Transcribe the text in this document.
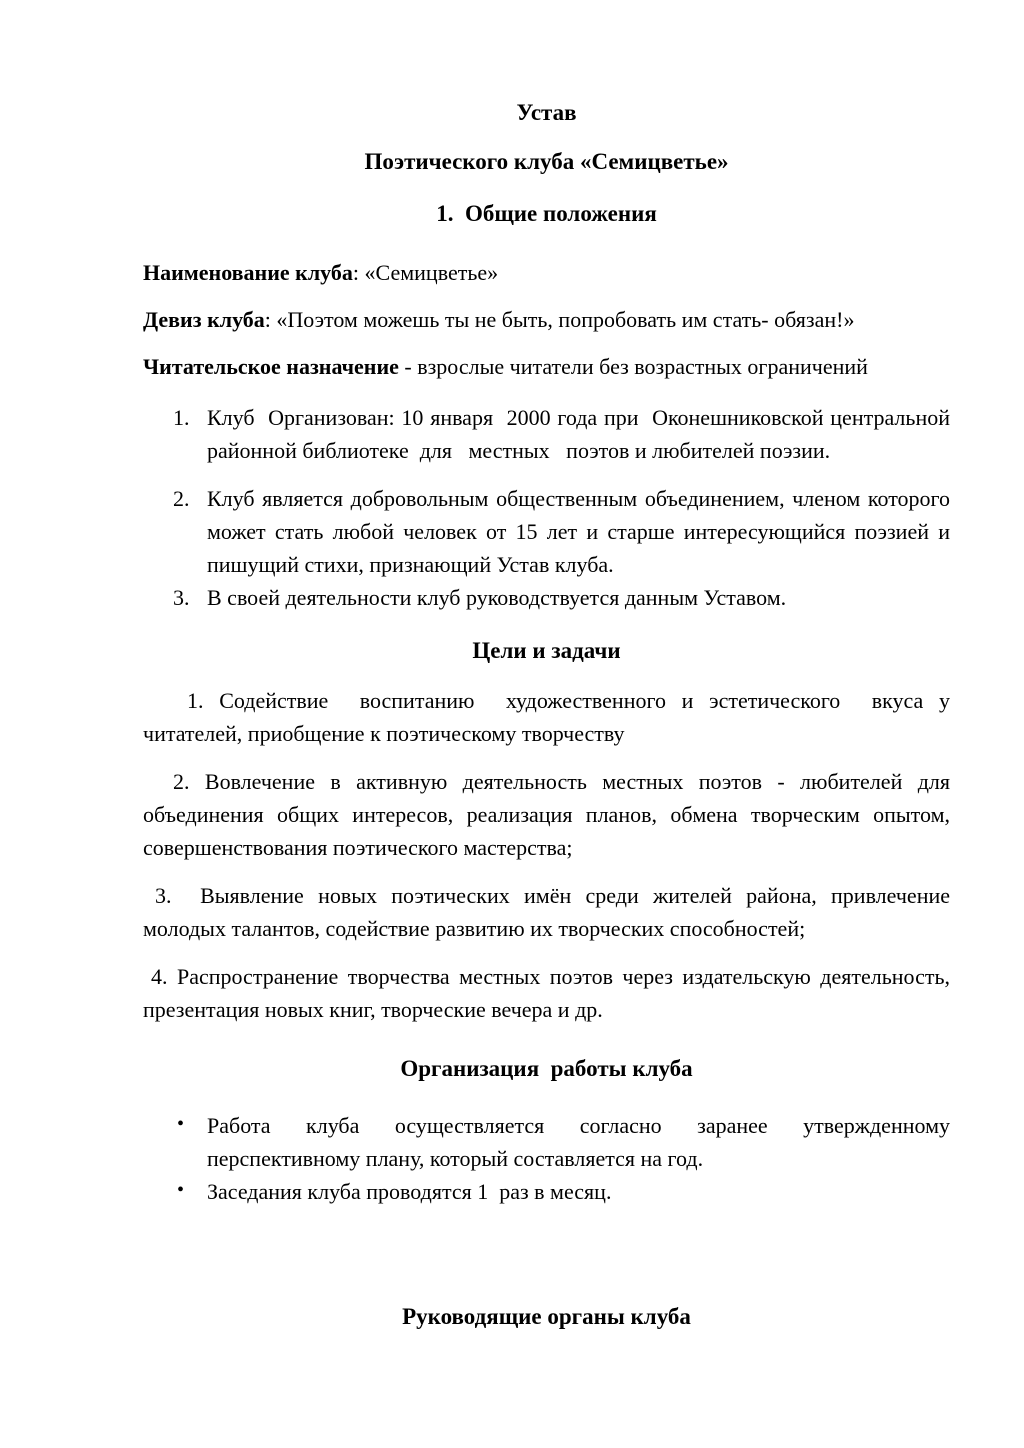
Устав
Поэтического клуба «Семицветье»
1.  Общие положения

Наименование клуба: «Семицветье»

Девиз клуба: «Поэтом можешь ты не быть, попробовать им стать- обязан!»

Читательское назначение - взрослые читатели без возрастных ограничений

1. Клуб  Организован: 10 января  2000 года при  Оконешниковской центральной районной библиотеке  для   местных   поэтов и любителей поэзии.
2. Клуб является добровольным общественным объединением, членом которого может стать любой человек от 15 лет и старше интересующийся поэзией и пишущий стихи, признающий Устав клуба.
3. В своей деятельности клуб руководствуется данным Уставом.
Цели и задачи

1. Содействие  воспитанию  художественного и эстетического  вкуса у читателей, приобщение к поэтическому творчеству

2. Вовлечение в активную деятельность местных поэтов - любителей для объединения общих интересов, реализация планов, обмена творческим опытом, совершенствования поэтического мастерства;

3. Выявление новых поэтических имён среди жителей района, привлечение молодых талантов, содействие развитию их творческих способностей;

4. Распространение творчества местных поэтов через издательскую деятельность, презентация новых книг, творческие вечера и др.

Организация  работы клуба
•	Работа клуба осуществляется согласно заранее утвержденному перспективному плану, который составляется на год.
•	Заседания клуба проводятся 1  раз в месяц.
Руководящие органы клуба
